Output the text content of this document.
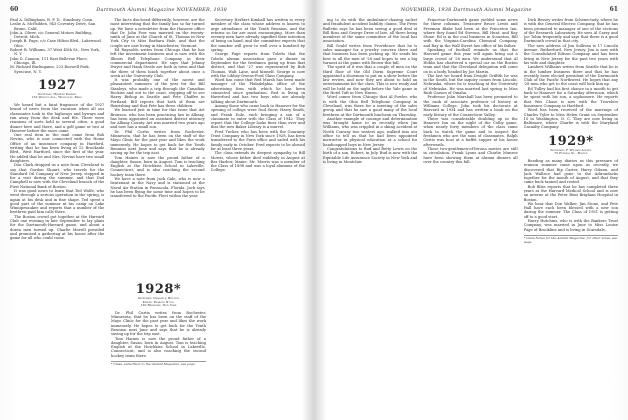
60	Dartmouth Alumni Magazine NOVEMBER, 1938

Paul A. Dillingham, R. F. D., Simsbury, Conn.

Leslie A. McFadden, 943 Coventry Drive, San Bruno, Calif.

John A. Oliver, c/o General Motors Building, Detroit, Mich.

Joseph B. Page, c/o Case Hilton Blvd., Lakewood, Ohio.

Robert B. Williams, 37 West 45th St., New York, N. Y.

John D. Cannon, 111 East Bellevue Place, Chicago, Ill.

M. Richard Burlingame, 223 Roswell Park, Syracuse, N. Y.

1927

Secretary, Herbert Kimball

132 Walnut Ave., Wellesley, Mass.

We heard but a faint fragrance of the 1927 brand of news from the vacation when all our classmates took to the highways and byways and ran away from the desk and file. There were reunions of sorts held in several cities, a good dinner here and there, and a golf game or two at Hanover before the snow came.

One real item in the mail came from Bob Nevins, who is now connected with the Home Office of an insurance company in Hartford, writing that he has been living at 12 Brookside Blvd., West Hartford, since the first of the year. He added that he and Mrs. Nevins have two small daughters.

Don Clark dropped us a note from Cleveland to say that Gordon Shuart, who travels for the Standard Oil Company of New Jersey, stopped in for a visit during the summer, and that Dud Campbell is now with the Cleveland branch of the First National Bank of Boston.

It was good news to learn that Ted Wolfe, who went through a serious operation in the spring, is again at his desk and in fine shape. Ted spent a good part of the summer at his camp on Lake Winnipesaukee and reports that a number of the brethren paid him calls there.

The Boston crowd got together at the Harvard Club one evening in late September to lay plans for the Dartmouth-Harvard game, and about a dozen men turned up. Charlie Merrill presided and promised a gathering at his house after the game for all who could come.

The facts disclosed differently, however, are the most interesting that the family has so far turned up. We have a newsletter from the Hanover office that Dr. John Poor was married on the twenty-ninth of June at the Church of St. Thomas in New York City to Miss Barbara Hale, and that the couple are now living in Manchester, Vermont.

Ed Raynolds writes from Chicago that he has left the investment business and is now with the Illinois Bell Telephone Company in their commercial department. He says that Johnny Dwyer and Hank Steele are both in town and that the three of them lunch together about once a week at the University Club.

It was probably one of the nicest and pleasantest summers of the year for the Bill Stanleys, who made a trip through the Canadian Rockies and out to the coast, stopping off to see Harry Bishop in Seattle and Pete Chaffee in Portland. Bill reports that both of them are flourishing and that Pete has three children.

We learned just in time for this issue that Art Bronson, who has been practicing law in Albany, has been appointed an assistant district attorney for Albany County. Art was married two years ago and now has a small son.

Dr. Phil Curtis writes from Rochester, Minnesota, that he has been on the staff of the Mayo Clinic for the past year and likes the work immensely. He hopes to get back for the Tenth Reunion next June and says that he is already saving up for the trip east.

Tom Haines is now the proud father of a daughter, Susan, born in August. Tom is teaching English at the Hotchkiss School in Lakeville, Connecticut, and is also coaching the second hockey team there.

We have a note from Jack Gale, who is now a lieutenant in the Navy and is stationed at the Naval Air Station in Pensacola, Florida. Jack says he has been flying for some time and hopes to be transferred to the Pacific Fleet within the year.

Secretary Herbert Kimball has written to every member of the class whose address is known to urge attendance at the Tenth Reunion, and the returns so far are most encouraging. More than seventy men have already signified their intention of being on hand, and the committee expects that the number will grow to well over a hundred by spring.

George Page reports from Toledo that the Toledo alumni association gave a dinner in September for the freshmen going up from that district, and that '27 was represented by Bob Thomas, Walt Lane, and himself. George is now with the Libbey-Owens-Ford Glass Company.

Word has come that Red Marsh has been made manager of the Philadelphia office of the advertising firm with which he has been connected since graduation. Red is living in Haverford and has two boys who are already talking about Dartmouth.

Among those who came back to Hanover for the opening of college were Dud Snow, Harry Smith, and Frank Dole, each bringing a son of a classmate to enter with the Class of 1942. They report that the College looks finer than ever and that the new Baker Library is a marvel.

Fred Tucker, who has been with the Guaranty Trust Company in New York since 1928, has been transferred to the Paris office and sailed with his family early in October. Fred expects to be abroad for at least three years.

The class extends its deepest sympathy to Bill Morris, whose father died suddenly in August at Bar Harbor, Maine. Mr. Morris was a member of the Class of 1898 and was a loyal alumnus of the College.

NOVEMBER, 1938 Dartmouth Alumni Magazine	61

ing to do with the ambulance-chasing racket and fraudulent accident liability claims. The Press Bulletin says he has been seeing a good deal of Bill Ross and George Drew of late, all three being members of the same committee of the local bar association.

Bill Gould writes from Providence that he is sales manager for a jewelry concern there and that business has been picking up. He sends his best to all the men of '28 and hopes to see a big turnout at the game with Brown this fall.

The spirit of it was that a couple of men on the third floor of the Old Dorm Supreme Court appointed a showman to put on a show before the law review, and now they are about to hold an entertainment for the class. This is now ready and will be held on the night before the Yale game in the Hotel Taft in New Haven.

Word comes from Chicago that Al Fowler, who is with the Ohio Bell Telephone Company in Cleveland, was there for a meeting of the sales group and that he saw a good many of the local brethren at the Dartmouth luncheon on Thursday.

Another example of courage and determination was brought home to us recently when Jim Williams, who was crippled in a skiing accident at North Conway two winters ago, walked into our office to tell us that he had been appointed instructor in physical education at a school for handicapped boys in New Jersey.

Congratulations to Bud and Betty Lewis on the birth of a son, Robert, in July. Bud is now with the Equitable Life Assurance Society in New York and is living in Montclair.

Princeton-Dartmouth game yielded some news for these columns. Treasurer Bruce Lewis and Freeman Blake had been at the Princeton Inn, where they found Ed Stevens, Bill Hunt, and Ray Stone. Ed is in the coal business in Scranton, Bill with the Virginia-Carolina Chemical Company, and Ray in the Wall Street law office of his father.

Speaking of football reminds us that the Harvard game this year will again bring out a large crowd of '28 men. We understand that Al Hobbs has chartered a special car on the Boston train and that the Cleveland delegation will come on in a body, headed by Joe Martin.

The last we heard from Dwight Griffith he was in the South, but the inquiry comes from Lincoln, Nebraska, where he is teaching at the University of Nebraska. He was married last spring to Miss Ruth Carson of Omaha.

Professor John Marshall has been promoted to the rank of associate professor of history at Williams College. John took his doctorate at Harvard in 1934 and has written a book on the early history of the Connecticut Valley.

There was considerable doubling up in the Hanover Inn on the night of the Colby game, when nearly forty members of the class came back to watch the game and to inspect the freshmen who are the sons of classmates. Ralph Curtis was host at a buffet supper at his house afterwards.

Those two-gentlemen-of-Verona movies are still in circulation. Frank Lyons and Charlie Munroe have been showing them at alumni dinners all over the country this fall.

Dick Bessey writes from Schenectady, where he is with the General Electric Company, that he has been promoted to manager of one of the sections of the Research Laboratory. He sees Al Carey and Joe Tobin frequently and says that there is a good Dartmouth crowd in that city.

The new address of Jim Sullivan is 17 Lincoln Avenue, Rutherford, New Jersey. Jim is now with the Consolidated Edison Company and has been living in New Jersey for the past two years with his wife and daughter.

Lambert Williams writes from Seattle that he is in the lumber business there and that he has recently been elected president of the Dartmouth Club of the Pacific Northwest. He hopes that any '28 men who get to the coast will look him up.

Ed Tulley had his first chance in a month to get back to Hanover for a Saturday afternoon, which he spent with his son, a sophomore. He reports that Wes Chase is now with the Travelers Insurance Company in Hartford.

Word has been received of the marriage of Charles Tyler to Miss Helen Grant on September 10 in Washington, D. C. They are now living in Baltimore, where Charlie is with the Maryland Casualty Company.

1929*

Secretary, F. William Andres

75 Federal St., Boston

Reading as many diaries as this pressure of reunion summer came upon us recently, we discovered that Rip Carter, Harry Gibson, and Jack Wallace had gone to the Adirondacks together for the month of August, and that they came back tanned and rested.

Bob Bliss reports that he has completed three years at the Harvard Medical School and is now an interne at the Peter Bent Brigham Hospital in Boston.

We hear that Don Walker, Jim Stone, and Pete Hall have each been blessed with a new son during the summer. The Class of 1951 is getting off to a good start.

Harry Hutchins, who is with the Bankers Trust Company, was married in June to Miss Louise Page of Brookline and is living in Scarsdale.

* Class Notes for the Alumni Magazine, for other notes, see page.

1928*

Secretary, Osmond J. Billings

Kidder, Peabody & Co.

120 Broadway, New York

Dr. Phil Curtis writes from Rochester, Minnesota, that he has been on the staff of the Mayo Clinic for the past year and likes the work immensely. He hopes to get back for the Tenth Reunion next June and says that he is already saving up for the trip east.

Tom Haines is now the proud father of a daughter, Susan, born in August. Tom is teaching English at the Hotchkiss School in Lakeville, Connecticut, and is also coaching the second hockey team there.

* Class, subscriber to the Alumni Magazine, see page.
